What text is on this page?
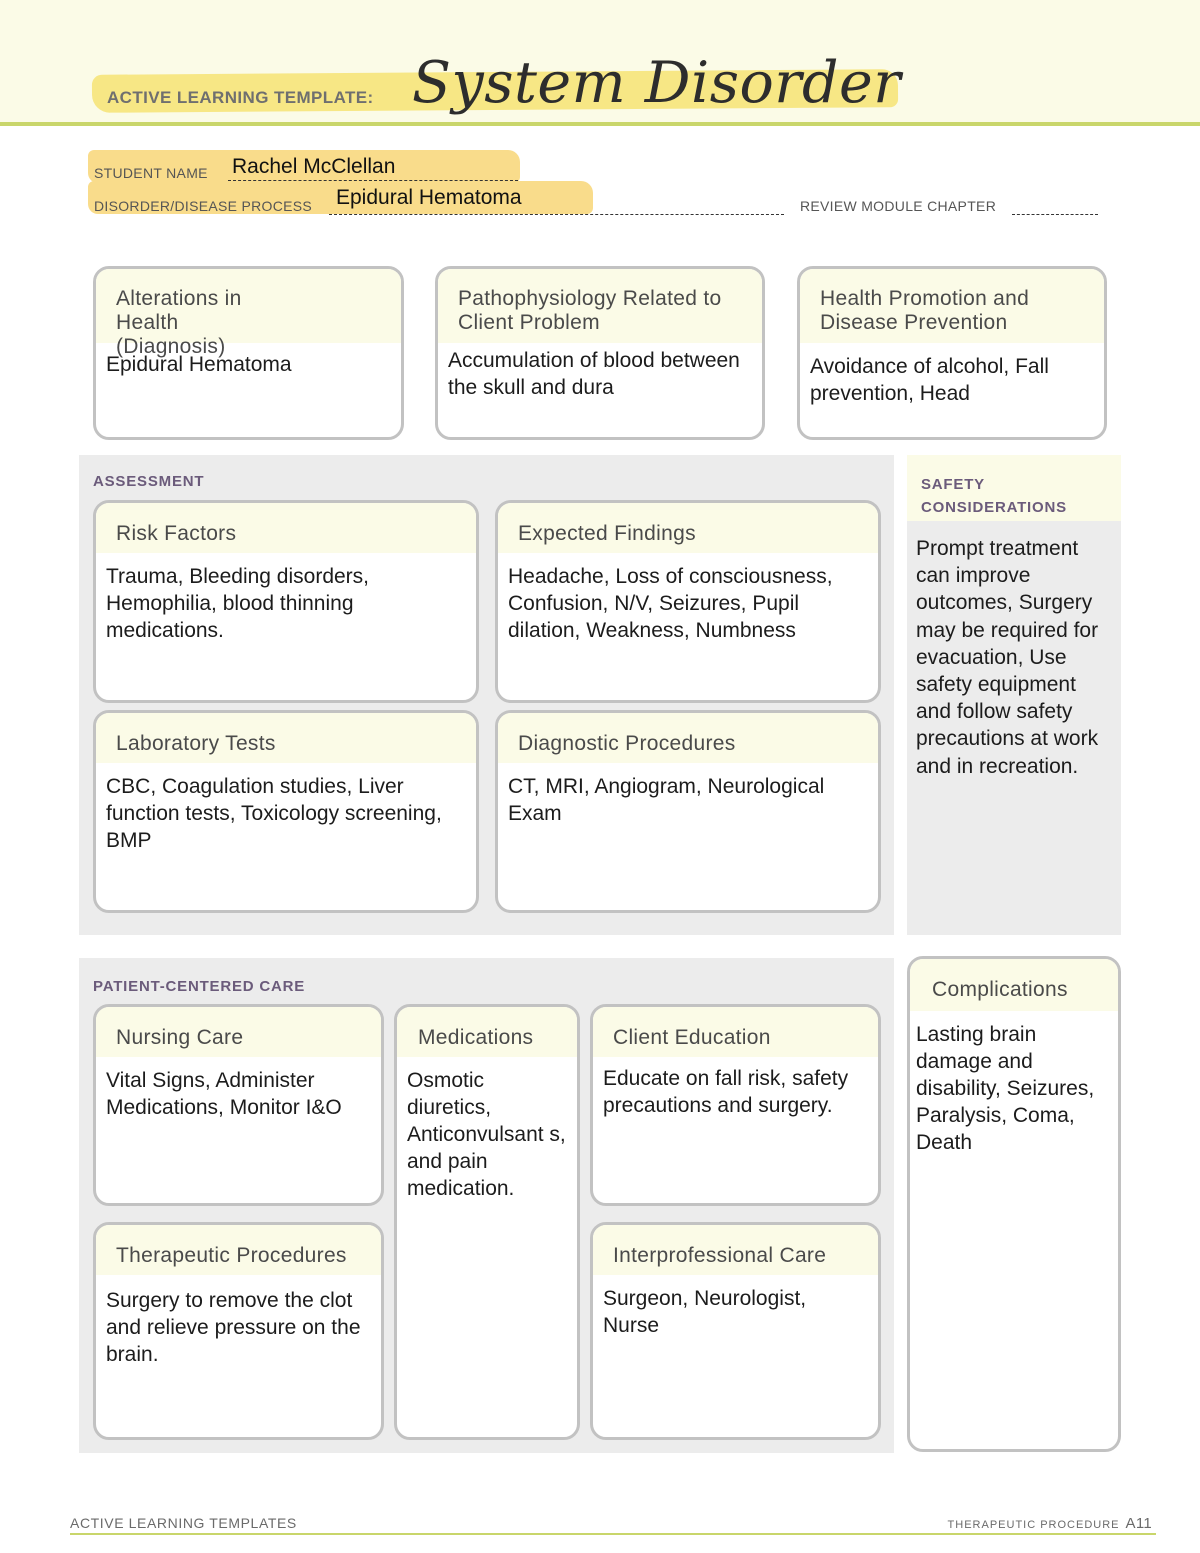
ACTIVE LEARNING TEMPLATE: System Disorder
STUDENT NAME Rachel McClellan
DISORDER/DISEASE PROCESS Epidural Hematoma	REVIEW MODULE CHAPTER
Alterations in Health (Diagnosis)
Epidural Hematoma
Pathophysiology Related to Client Problem
Accumulation of blood between the skull and dura
Health Promotion and Disease Prevention
Avoidance of alcohol, Fall prevention, Head
ASSESSMENT
Risk Factors
Trauma, Bleeding disorders, Hemophilia, blood thinning medications.
Expected Findings
Headache, Loss of consciousness, Confusion, N/V, Seizures, Pupil dilation, Weakness, Numbness
Laboratory Tests
CBC, Coagulation studies, Liver function tests, Toxicology screening, BMP
Diagnostic Procedures
CT, MRI, Angiogram, Neurological Exam
SAFETY CONSIDERATIONS
Prompt treatment can improve outcomes, Surgery may be required for evacuation, Use safety equipment and follow safety precautions at work and in recreation.
PATIENT-CENTERED CARE
Nursing Care
Vital Signs, Administer Medications, Monitor I&O
Medications
Osmotic diuretics, Anticonvulsant s, and pain medication.
Client Education
Educate on fall risk, safety precautions and surgery.
Therapeutic Procedures
Surgery to remove the clot and relieve pressure on the brain.
Interprofessional Care
Surgeon, Neurologist, Nurse
Complications
Lasting brain damage and disability, Seizures, Paralysis, Coma, Death
ACTIVE LEARNING TEMPLATES	THERAPEUTIC PROCEDURE A11
